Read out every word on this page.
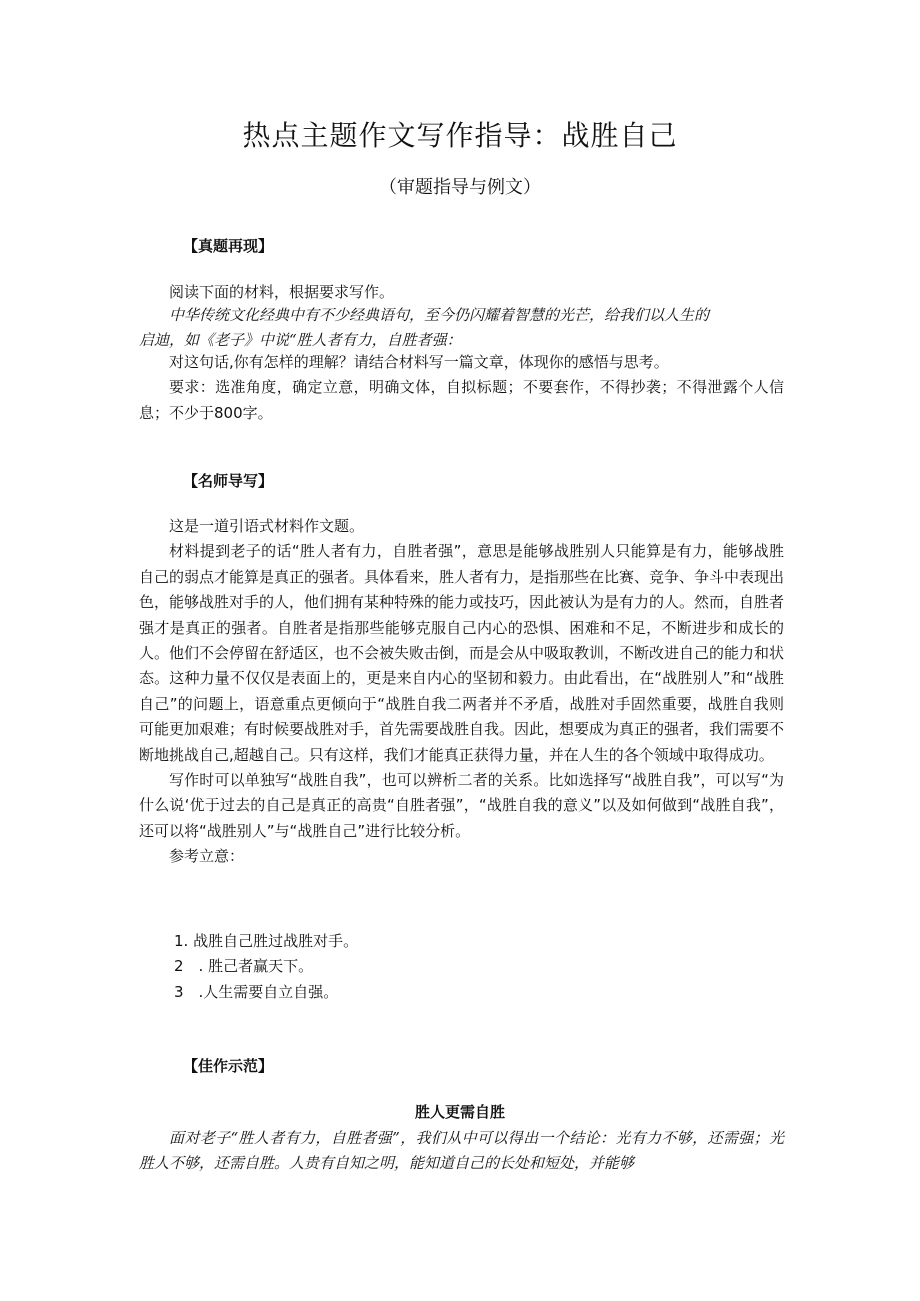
热点主题作文写作指导：战胜自己
（审题指导与例文）
【真题再现】

阅读下面的材料，根据要求写作。

中华传统文化经典中有不少经典语句，至今仍闪耀着智慧的光芒，给我们以人生的

启迪，如《老子》中说“胜人者有力，自胜者强：

对这句话,你有怎样的理解？请结合材料写一篇文章，体现你的感悟与思考。

要求：选准角度，确定立意，明确文体，自拟标题；不要套作，不得抄袭；不得泄露个人信息；不少于800字。

【名师导写】

这是一道引语式材料作文题。

材料提到老子的话“胜人者有力，自胜者强”，意思是能够战胜别人只能算是有力，能够战胜自己的弱点才能算是真正的强者。具体看来，胜人者有力，是指那些在比赛、竞争、争斗中表现出色，能够战胜对手的人，他们拥有某种特殊的能力或技巧，因此被认为是有力的人。然而，自胜者强才是真正的强者。自胜者是指那些能够克服自己内心的恐惧、困难和不足，不断进步和成长的人。他们不会停留在舒适区，也不会被失败击倒，而是会从中吸取教训，不断改进自己的能力和状态。这种力量不仅仅是表面上的，更是来自内心的坚韧和毅力。由此看出，在“战胜别人”和“战胜自己”的问题上，语意重点更倾向于“战胜自我二两者并不矛盾，战胜对手固然重要，战胜自我则可能更加艰难；有时候要战胜对手，首先需要战胜自我。因此，想要成为真正的强者，我们需要不断地挑战自己,超越自己。只有这样，我们才能真正获得力量，并在人生的各个领域中取得成功。

写作时可以单独写“战胜自我”，也可以辨析二者的关系。比如选择写“战胜自我”，可以写“为什么说‘优于过去的自己是真正的高贵“自胜者强”，“战胜自我的意义”以及如何做到“战胜自我”，还可以将“战胜别人”与“战胜自己”进行比较分析。

参考立意：

1. 战胜自己胜过战胜对手。

2　. 胜己者赢天下。

3　.人生需要自立自强。

【佳作示范】
胜人更需自胜

面对老子“胜人者有力，自胜者强”，我们从中可以得出一个结论：光有力不够，还需强；光胜人不够，还需自胜。人贵有自知之明，能知道自己的长处和短处，并能够
